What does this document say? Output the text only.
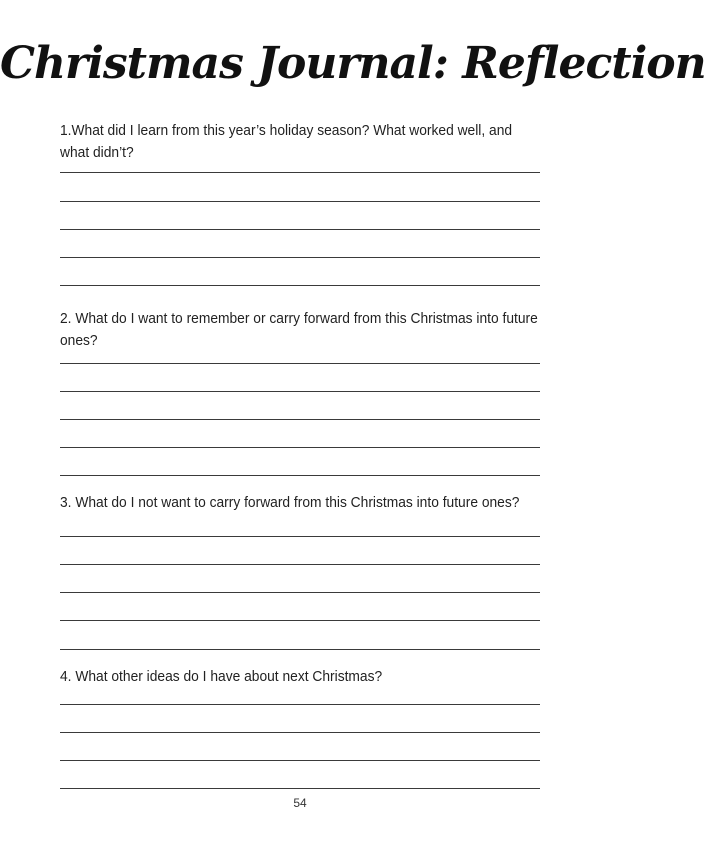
Christmas Journal: Reflection
1.What did I learn from this year’s holiday season? What worked well, and what didn’t?
2. What do I want to remember or carry forward from this Christmas into future ones?
3. What do I not want to carry forward from this Christmas into future ones?
4. What other ideas do I have about next Christmas?
54
